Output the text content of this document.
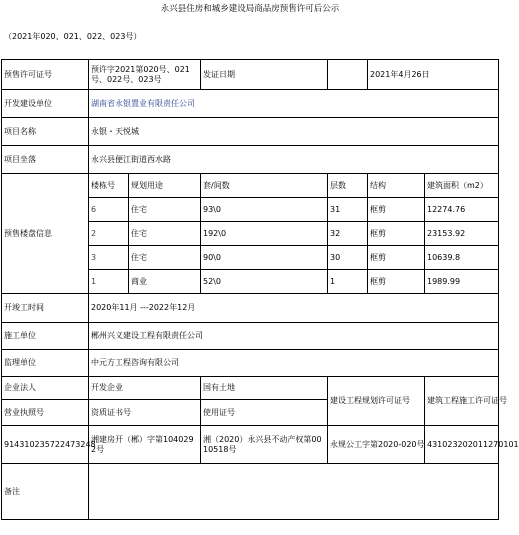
永兴县住房和城乡建设局商品房预售许可后公示
（2021年020、021、022、023号）
预售许可证号	预许字2021第020号、021号、022号、023号		发证日期		2021年4月26日	
开发建设单位	湖南省永银置业有限责任公司					
项目名称	永银・天悦城					
项目坐落	永兴县便江街道西水路					
预售楼盘信息	楼栋号	规划用途	套/间数	层数	结构	建筑面积（m2）
	6	住宅	93\0	31	框剪	12274.76
	2	住宅	192\0	32	框剪	23153.92
	3	住宅	90\0	30	框剪	10639.8
	1	商业	52\0	1	框剪	1989.99
开竣工时间	2020年11月 ---2022年12月					
施工单位	郴州兴义建设工程有限责任公司					
监理单位	中元方工程咨询有限公司					
企业法人	开发企业		国有土地	建设工程规划许可证号		建筑工程施工许可证号
营业执照号	资质证书号		使用证号			
914310235722473248	湘建房开（郴）字第1040292号		湘（2020）永兴县不动产权第0010518号	永规公工字第2020-020号		431023202011270101
备注						
